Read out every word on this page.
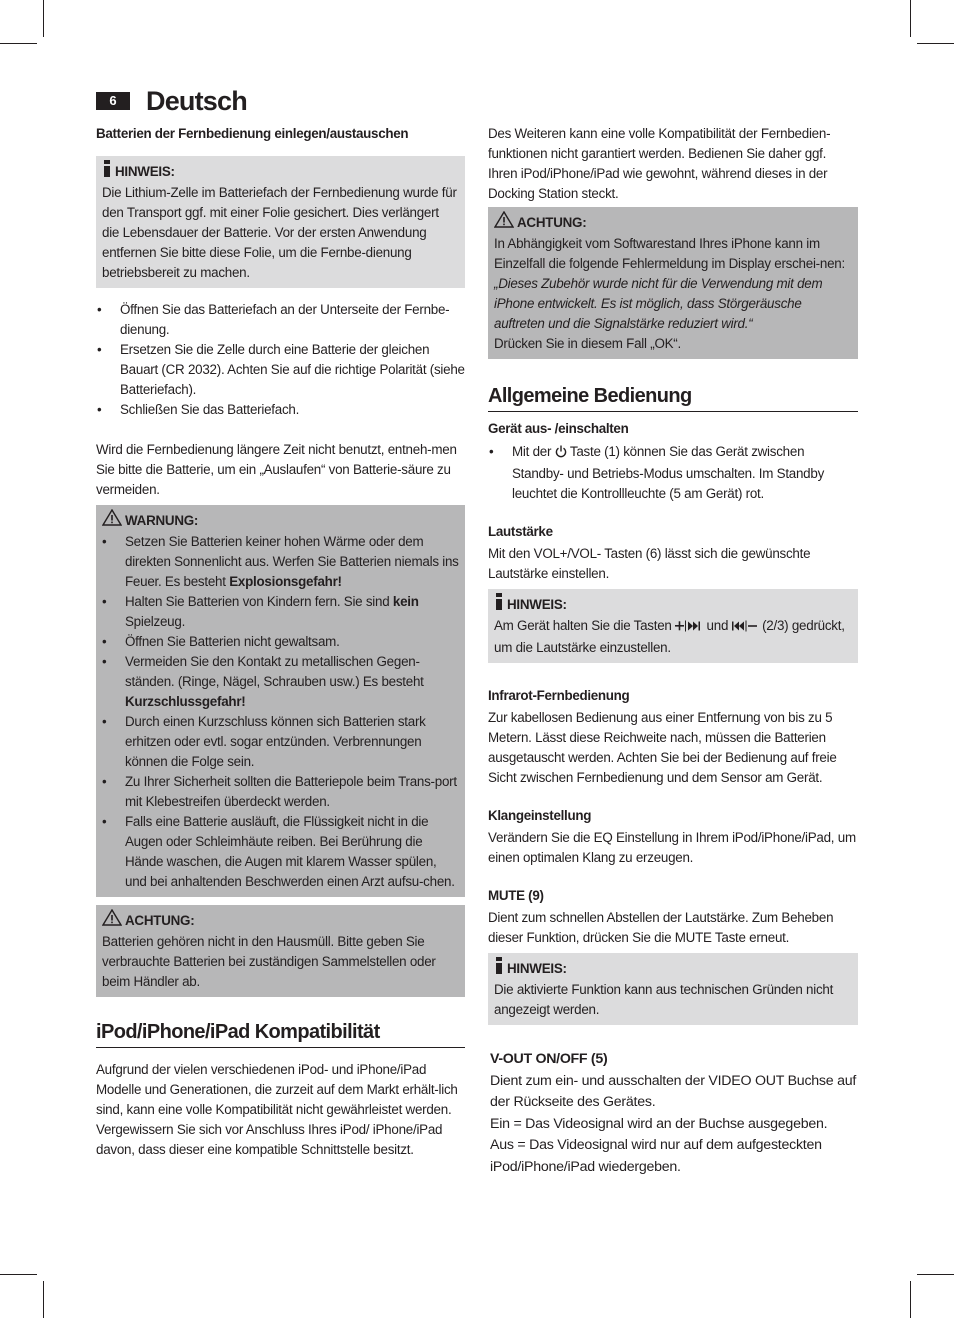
6	Deutsch

Batterien der Fernbedienung einlegen/austauschen

HINWEIS:

Die Lithium-Zelle im Batteriefach der Fernbedienung wurde für den Transport ggf. mit einer Folie gesichert. Dies verlängert die Lebensdauer der Batterie. Vor der ersten Anwendung entfernen Sie bitte diese Folie, um die Fernbe-dienung betriebsbereit zu machen.

• Öffnen Sie das Batteriefach an der Unterseite der Fernbe-dienung.
• Ersetzen Sie die Zelle durch eine Batterie der gleichen Bauart (CR 2032). Achten Sie auf die richtige Polarität (siehe Batteriefach).
• Schließen Sie das Batteriefach.

Wird die Fernbedienung längere Zeit nicht benutzt, entneh-men Sie bitte die Batterie, um ein „Auslaufen“ von Batterie-säure zu vermeiden.

WARNUNG:
• Setzen Sie Batterien keiner hohen Wärme oder dem direkten Sonnenlicht aus. Werfen Sie Batterien niemals ins Feuer. Es besteht Explosionsgefahr!
• Halten Sie Batterien von Kindern fern. Sie sind kein Spielzeug.
• Öffnen Sie Batterien nicht gewaltsam.
• Vermeiden Sie den Kontakt zu metallischen Gegen-ständen. (Ringe, Nägel, Schrauben usw.) Es besteht Kurzschlussgefahr!
• Durch einen Kurzschluss können sich Batterien stark erhitzen oder evtl. sogar entzünden. Verbrennungen können die Folge sein.
• Zu Ihrer Sicherheit sollten die Batteriepole beim Trans-port mit Klebestreifen überdeckt werden.
• Falls eine Batterie ausläuft, die Flüssigkeit nicht in die Augen oder Schleimhäute reiben. Bei Berührung die Hände waschen, die Augen mit klarem Wasser spülen, und bei anhaltenden Beschwerden einen Arzt aufsu-chen.
ACHTUNG:

Batterien gehören nicht in den Hausmüll. Bitte geben Sie verbrauchte Batterien bei zuständigen Sammelstellen oder beim Händler ab.

iPod/iPhone/iPad Kompatibilität

Aufgrund der vielen verschiedenen iPod- und iPhone/iPad Modelle und Generationen, die zurzeit auf dem Markt erhält-lich sind, kann eine volle Kompatibilität nicht gewährleistet werden. Vergewissern Sie sich vor Anschluss Ihres iPod/ iPhone/iPad davon, dass dieser eine kompatible Schnittstelle besitzt.

Des Weiteren kann eine volle Kompatibilität der Fernbedien-funktionen nicht garantiert werden. Bedienen Sie daher ggf. Ihren iPod/iPhone/iPad wie gewohnt, während dieses in der Docking Station steckt.

ACHTUNG:

In Abhängigkeit vom Softwarestand Ihres iPhone kann im Einzelfall die folgende Fehlermeldung im Display erschei-nen:

„Dieses Zubehör wurde nicht für die Verwendung mit dem iPhone entwickelt. Es ist möglich, dass Störgeräusche auftreten und die Signalstärke reduziert wird.“

Drücken Sie in diesem Fall „OK“.

Allgemeine Bedienung

Gerät aus- /einschalten

• Mit der  Taste (1) können Sie das Gerät zwischen Standby- und Betriebs-Modus umschalten. Im Standby leuchtet die Kontrollleuchte (5 am Gerät) rot.

Lautstärke

Mit den VOL+/VOL- Tasten (6) lässt sich die gewünschte Lautstärke einstellen.

HINWEIS:

Am Gerät halten Sie die Tasten  und  (2/3) gedrückt, um die Lautstärke einzustellen.

Infrarot-Fernbedienung

Zur kabellosen Bedienung aus einer Entfernung von bis zu 5 Metern. Lässt diese Reichweite nach, müssen die Batterien ausgetauscht werden. Achten Sie bei der Bedienung auf freie Sicht zwischen Fernbedienung und dem Sensor am Gerät.

Klangeinstellung

Verändern Sie die EQ Einstellung in Ihrem iPod/iPhone/iPad, um einen optimalen Klang zu erzeugen.

MUTE (9)

Dient zum schnellen Abstellen der Lautstärke. Zum Beheben dieser Funktion, drücken Sie die MUTE Taste erneut.

HINWEIS:

Die aktivierte Funktion kann aus technischen Gründen nicht angezeigt werden.

V-OUT ON/OFF (5)

Dient zum ein- und ausschalten der VIDEO OUT Buchse auf der Rückseite des Gerätes.

Ein = Das Videosignal wird an der Buchse ausgegeben.

Aus = Das Videosignal wird nur auf dem aufgesteckten iPod/iPhone/iPad wiedergeben.
